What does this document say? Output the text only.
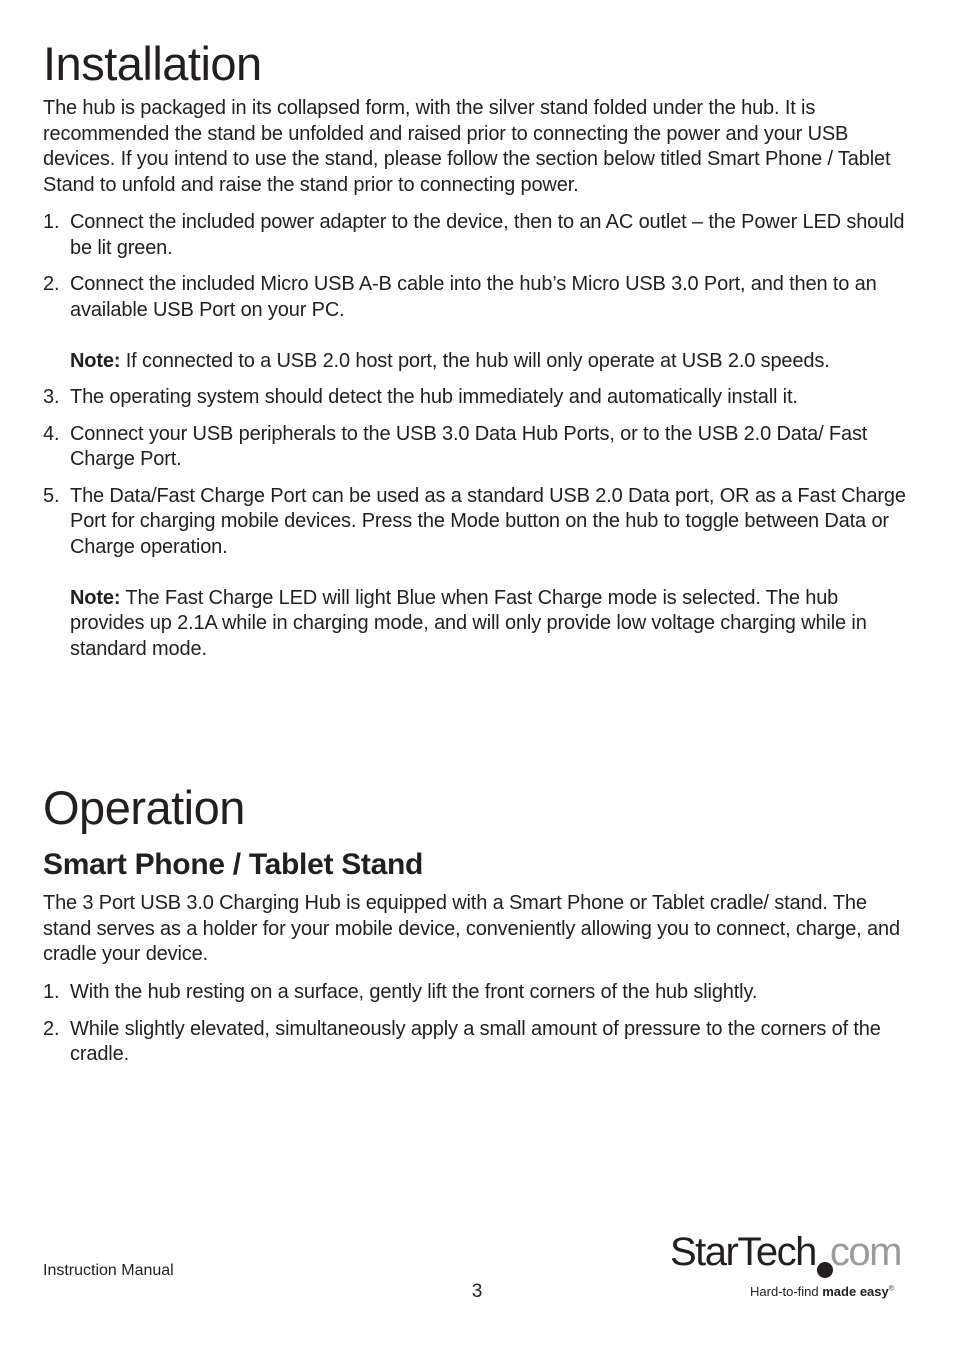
Installation

The hub is packaged in its collapsed form, with the silver stand folded under the hub. It is recommended the stand be unfolded and raised prior to connecting the power and your USB devices. If you intend to use the stand, please follow the section below titled Smart Phone / Tablet Stand to unfold and raise the stand prior to connecting power.

1. Connect the included power adapter to the device, then to an AC outlet – the Power LED should be lit green.
2. Connect the included Micro USB A-B cable into the hub’s Micro USB 3.0 Port, and then to an available USB Port on your PC.
Note: If connected to a USB 2.0 host port, the hub will only operate at USB 2.0 speeds.
3. The operating system should detect the hub immediately and automatically install it.
4. Connect your USB peripherals to the USB 3.0 Data Hub Ports, or to the USB 2.0 Data/ Fast Charge Port.
5. The Data/Fast Charge Port can be used as a standard USB 2.0 Data port, OR as a Fast Charge Port for charging mobile devices. Press the Mode button on the hub to toggle between Data or Charge operation.
Note: The Fast Charge LED will light Blue when Fast Charge mode is selected. The hub provides up 2.1A while in charging mode, and will only provide low voltage charging while in standard mode.
Operation
Smart Phone / Tablet Stand

The 3 Port USB 3.0 Charging Hub is equipped with a Smart Phone or Tablet cradle/ stand. The stand serves as a holder for your mobile device, conveniently allowing you to connect, charge, and cradle your device.

1. With the hub resting on a surface, gently lift the front corners of the hub slightly.
2. While slightly elevated, simultaneously apply a small amount of pressure to the corners of the cradle.
Instruction Manual
3
StarTech com
Hard-to-find made easy®
